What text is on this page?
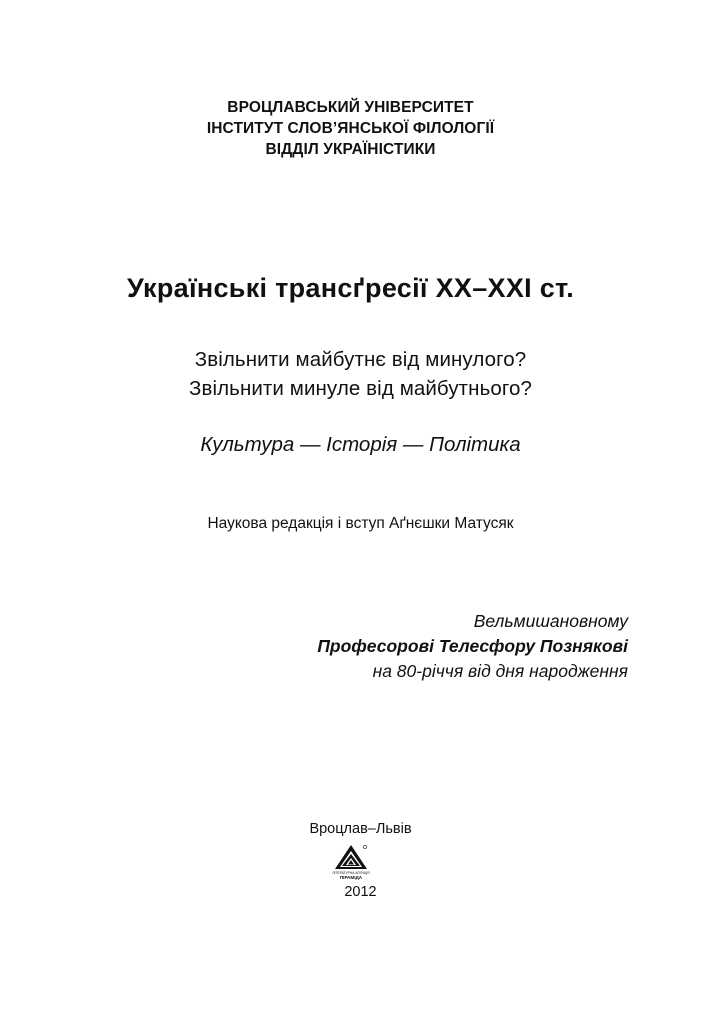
ВРОЦЛАВСЬКИЙ УНІВЕРСИТЕТ
ІНСТИТУТ СЛОВ’ЯНСЬКОЇ ФІЛОЛОГІЇ
ВІДДІЛ УКРАЇНІСТИКИ
Українські трансґресії XX–XXI ст.
Звільнити майбутнє від минулого?
Звільнити минуле від майбутнього?
Культура — Історія — Політика
Наукова редакція і вступ Аґнєшки Матусяк
Вельмишановному
Професорові Телесфору Познякові
на 80-річчя від дня народження
Вроцлав–Львів
ЛІТЕРАТУРНА АГЕНЦІЯ
ПІРАМІДА
2012
